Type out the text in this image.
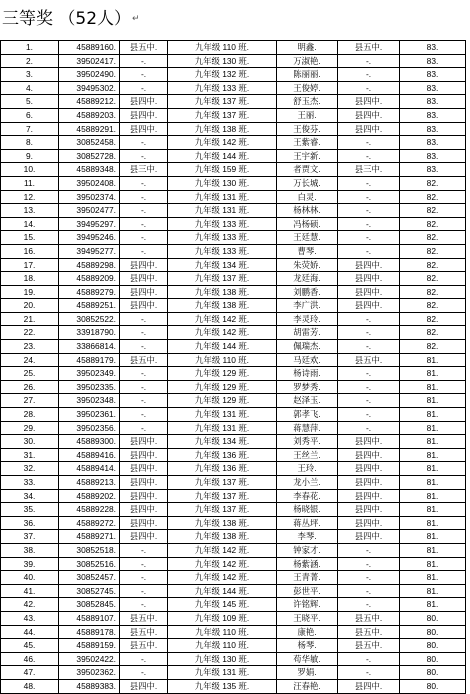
三等奖 （52人）↵
1.	45889160.	县五中.	九年级 110 班.	明鑫.	县五中.	83.
2.	39502417.	-.	九年级 130 班.	万淑艳.	-.	83.
3.	39502490.	-.	九年级 132 班.	陈丽丽.	-.	83.
4.	39495302.	-.	九年级 133 班.	王俊婷.	-.	83.
5.	45889212.	县四中.	九年级 137 班.	舒玉杰.	县四中.	83.
6.	45889203.	县四中.	九年级 137 班.	王丽.	县四中.	83.
7.	45889291.	县四中.	九年级 138 班.	王俊芬.	县四中.	83.
8.	30852458.	-.	九年级 142 班.	王紫睿.	-.	83.
9.	30852728.	-.	九年级 144 班.	王宇新.	-.	83.
10.	45889348.	县三中.	九年级 159 班.	者贾文.	县三中.	83.
11.	39502408.	-.	九年级 130 班.	万长城.	-.	82.
12.	39502374.	-.	九年级 131 班.	白灵.	-.	82.
13.	39502477.	-.	九年级 131 班.	杨林林.	-.	82.
14.	39495297.	-.	九年级 133 班.	冯杨硕.	-.	82.
15.	39495246.	-.	九年级 133 班.	王廷慧.	-.	82.
16.	39495277.	-.	九年级 133 班.	曹琴.	-.	82.
17.	45889298.	县四中.	九年级 134 班.	朱荧娇.	县四中.	82.
18.	45889209.	县四中.	九年级 137 班.	龙廷海.	县四中.	82.
19.	45889279.	县四中.	九年级 138 班.	刘鹏香.	县四中.	82.
20.	45889251.	县四中.	九年级 138 班.	李广洪.	县四中.	82.
21.	30852522.	-.	九年级 142 班.	李灵玲.	-.	82.
22.	33918790.	-.	九年级 142 班.	胡雷芳.	-.	82.
23.	33866814.	-.	九年级 144 班.	佩瑞杰.	-.	82.
24.	45889179.	县五中.	九年级 110 班.	马廷欢.	县五中.	81.
25.	39502349.	-.	九年级 129 班.	杨诗雨.	-.	81.
26.	39502335.	-.	九年级 129 班.	罗梦秀.	-.	81.
27.	39502348.	-.	九年级 129 班.	赵泽玉.	-.	81.
28.	39502361.	-.	九年级 131 班.	郭孝飞.	-.	81.
29.	39502356.	-.	九年级 131 班.	蒋慧萍.	-.	81.
30.	45889300.	县四中.	九年级 134 班.	刘秀平.	县四中.	81.
31.	45889416.	县四中.	九年级 136 班.	王丝兰.	县四中.	81.
32.	45889414.	县四中.	九年级 136 班.	王玲.	县四中.	81.
33.	45889213.	县四中.	九年级 137 班.	龙小兰.	县四中.	81.
34.	45889202.	县四中.	九年级 137 班.	李春花.	县四中.	81.
35.	45889228.	县四中.	九年级 137 班.	杨晓银.	县四中.	81.
36.	45889272.	县四中.	九年级 138 班.	蒋丛坪.	县四中.	81.
37.	45889271.	县四中.	九年级 138 班.	李琴.	县四中.	81.
38.	30852518.	-.	九年级 142 班.	钟家才.	-.	81.
39.	30852516.	-.	九年级 142 班.	杨紫涵.	-.	81.
40.	30852457.	-.	九年级 142 班.	王青菁.	-.	81.
41.	30852745.	-.	九年级 144 班.	彭世平.	-.	81.
42.	30852845.	-.	九年级 145 班.	许铭辉.	-.	81.
43.	45889107.	县五中.	九年级 109 班.	王晓平.	县五中.	80.
44.	45889178.	县五中.	九年级 110 班.	康艳.	县五中.	80.
45.	45889159.	县五中.	九年级 110 班.	杨琴.	县五中.	80.
46.	39502422.	-.	九年级 130 班.	苟华敏.	-.	80.
47.	39502362.	-.	九年级 131 班.	罗娟.	-.	80.
48.	45889383.	县四中.	九年级 135 班.	汪春艳.	县四中.	80.
